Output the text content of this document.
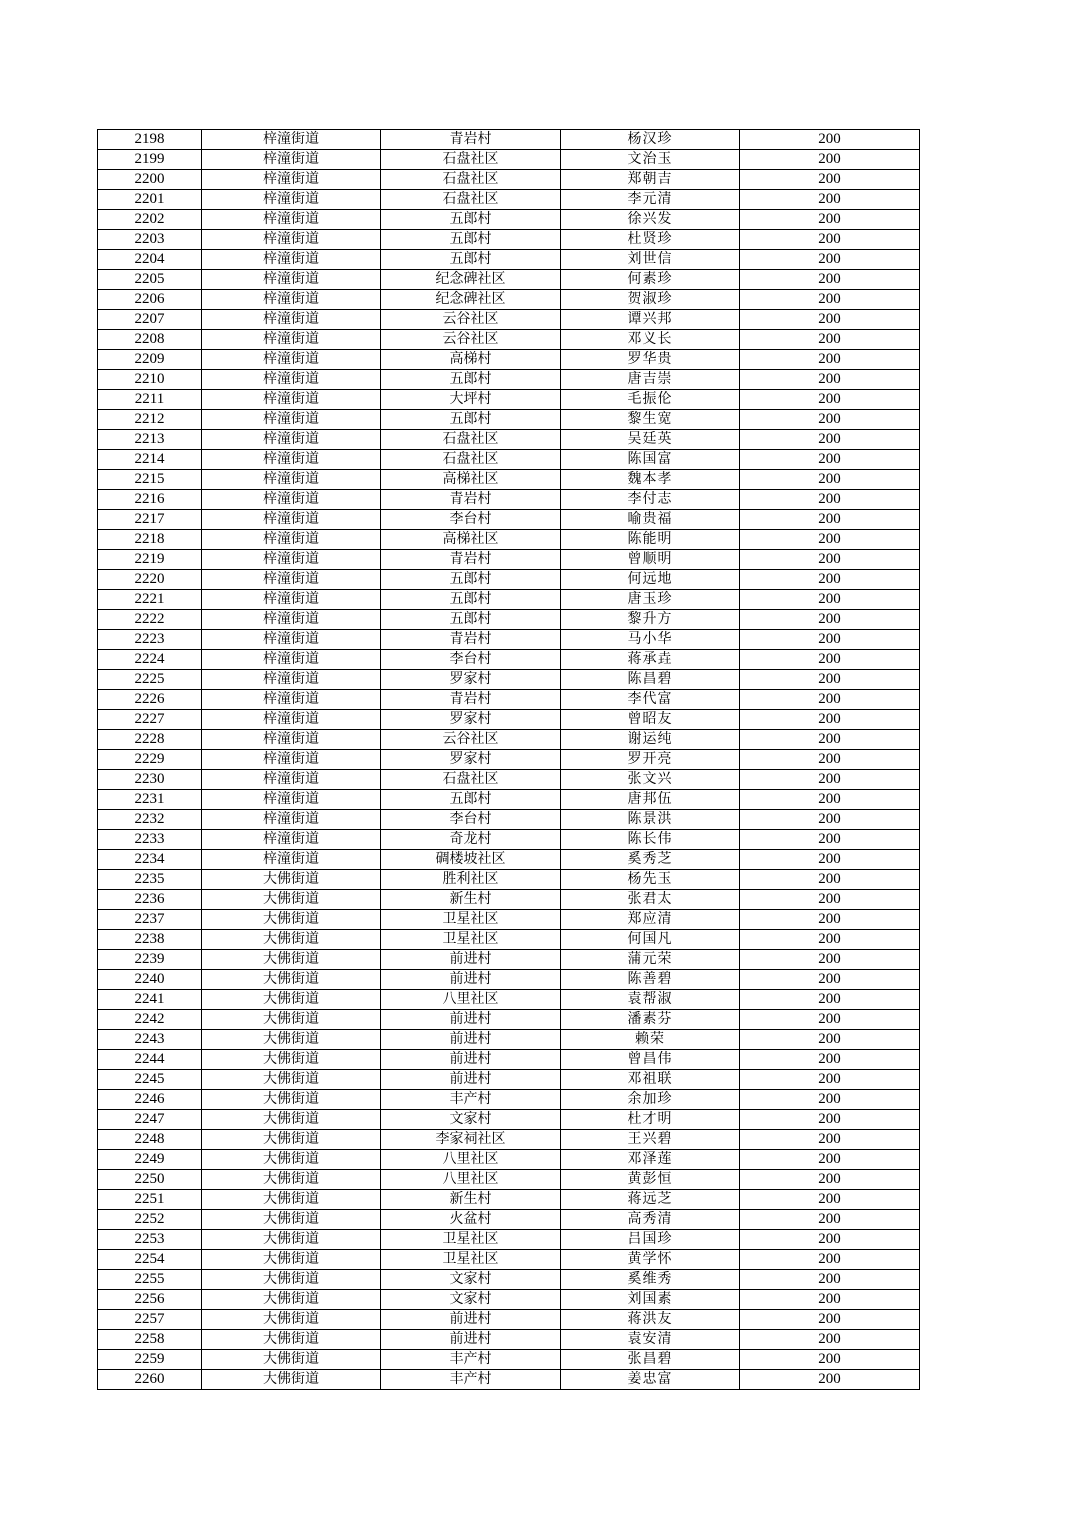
2198	梓潼街道	青岩村	杨汉珍	200
2199	梓潼街道	石盘社区	文治玉	200
2200	梓潼街道	石盘社区	郑朝吉	200
2201	梓潼街道	石盘社区	李元清	200
2202	梓潼街道	五郎村	徐兴发	200
2203	梓潼街道	五郎村	杜贤珍	200
2204	梓潼街道	五郎村	刘世信	200
2205	梓潼街道	纪念碑社区	何素珍	200
2206	梓潼街道	纪念碑社区	贺淑珍	200
2207	梓潼街道	云谷社区	谭兴邦	200
2208	梓潼街道	云谷社区	邓义长	200
2209	梓潼街道	高梯村	罗华贵	200
2210	梓潼街道	五郎村	唐吉崇	200
2211	梓潼街道	大坪村	毛振伦	200
2212	梓潼街道	五郎村	黎生宽	200
2213	梓潼街道	石盘社区	吴廷英	200
2214	梓潼街道	石盘社区	陈国富	200
2215	梓潼街道	高梯社区	魏本孝	200
2216	梓潼街道	青岩村	李付志	200
2217	梓潼街道	李台村	喻贵福	200
2218	梓潼街道	高梯社区	陈能明	200
2219	梓潼街道	青岩村	曾顺明	200
2220	梓潼街道	五郎村	何远地	200
2221	梓潼街道	五郎村	唐玉珍	200
2222	梓潼街道	五郎村	黎升方	200
2223	梓潼街道	青岩村	马小华	200
2224	梓潼街道	李台村	蒋承垚	200
2225	梓潼街道	罗家村	陈昌碧	200
2226	梓潼街道	青岩村	李代富	200
2227	梓潼街道	罗家村	曾昭友	200
2228	梓潼街道	云谷社区	谢运纯	200
2229	梓潼街道	罗家村	罗开亮	200
2230	梓潼街道	石盘社区	张文兴	200
2231	梓潼街道	五郎村	唐邦伍	200
2232	梓潼街道	李台村	陈景洪	200
2233	梓潼街道	奇龙村	陈长伟	200
2234	梓潼街道	碉楼坡社区	奚秀芝	200
2235	大佛街道	胜利社区	杨先玉	200
2236	大佛街道	新生村	张君太	200
2237	大佛街道	卫星社区	郑应清	200
2238	大佛街道	卫星社区	何国凡	200
2239	大佛街道	前进村	蒲元荣	200
2240	大佛街道	前进村	陈善碧	200
2241	大佛街道	八里社区	袁帮淑	200
2242	大佛街道	前进村	潘素芬	200
2243	大佛街道	前进村	赖荣	200
2244	大佛街道	前进村	曾昌伟	200
2245	大佛街道	前进村	邓祖联	200
2246	大佛街道	丰产村	余加珍	200
2247	大佛街道	文家村	杜才明	200
2248	大佛街道	李家祠社区	王兴碧	200
2249	大佛街道	八里社区	邓泽莲	200
2250	大佛街道	八里社区	黄彭恒	200
2251	大佛街道	新生村	蒋远芝	200
2252	大佛街道	火盆村	高秀清	200
2253	大佛街道	卫星社区	吕国珍	200
2254	大佛街道	卫星社区	黄学怀	200
2255	大佛街道	文家村	奚维秀	200
2256	大佛街道	文家村	刘国素	200
2257	大佛街道	前进村	蒋洪友	200
2258	大佛街道	前进村	袁安清	200
2259	大佛街道	丰产村	张昌碧	200
2260	大佛街道	丰产村	姜忠富	200
